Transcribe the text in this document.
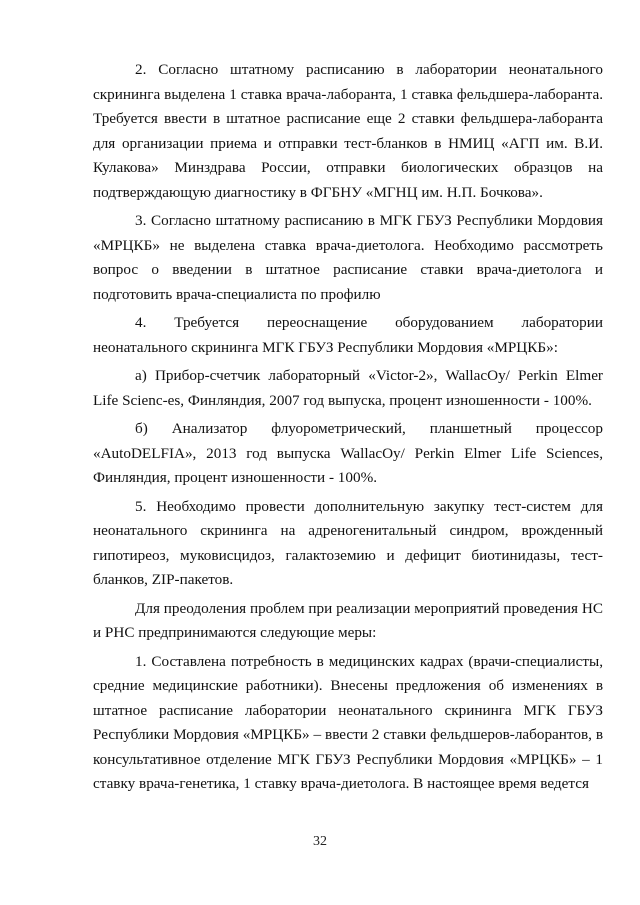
2. Согласно штатному расписанию в лаборатории неонатального скрининга выделена 1 ставка врача-лаборанта, 1 ставка фельдшера-лаборанта. Требуется ввести в штатное расписание еще 2 ставки фельдшера-лаборанта для организации приема и отправки тест-бланков в НМИЦ «АГП им. В.И. Кулакова» Минздрава России, отправки биологических образцов на подтверждающую диагностику в ФГБНУ «МГНЦ им. Н.П. Бочкова».

3. Согласно штатному расписанию в МГК ГБУЗ Республики Мордовия «МРЦКБ» не выделена ставка врача-диетолога. Необходимо рассмотреть вопрос о введении в штатное расписание ставки врача-диетолога и подготовить врача-специалиста по профилю

4. Требуется переоснащение оборудованием лаборатории неонатального скрининга МГК ГБУЗ Республики Мордовия «МРЦКБ»:

а) Прибор-счетчик лабораторный «Victor-2», WallacOy/ Perkin Elmer Life Scienc-es, Финляндия, 2007 год выпуска, процент изношенности - 100%.

б) Анализатор флуорометрический, планшетный процессор «AutoDELFIA», 2013 год выпуска WallacOy/ Perkin Elmer Life Sciences, Финляндия, процент изношенности - 100%.

5. Необходимо провести дополнительную закупку тест-систем для неонатального скрининга на адреногенитальный синдром, врожденный гипотиреоз, муковисцидоз, галактоземию и дефицит биотинидазы, тест-бланков, ZIP-пакетов.

Для преодоления проблем при реализации мероприятий проведения НС и РНС предпринимаются следующие меры:

1. Составлена потребность в медицинских кадрах (врачи-специалисты, средние медицинские работники). Внесены предложения об изменениях в штатное расписание лаборатории неонатального скрининга МГК ГБУЗ Республики Мордовия «МРЦКБ» – ввести 2 ставки фельдшеров-лаборантов, в консультативное отделение МГК ГБУЗ Республики Мордовия «МРЦКБ» – 1 ставку врача-генетика, 1 ставку врача-диетолога. В настоящее время ведется

32
